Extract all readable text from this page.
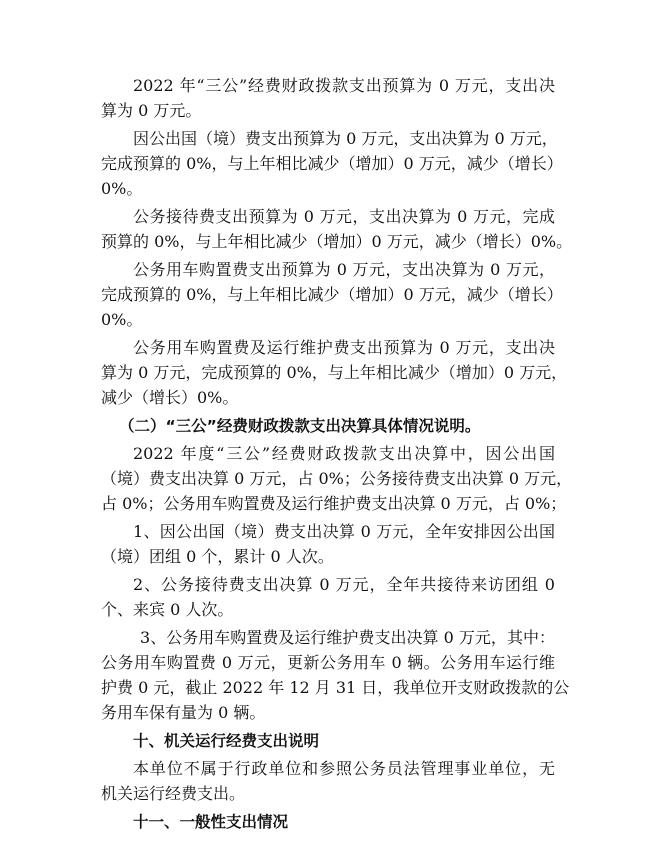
2022 年“三公”经费财政拨款支出预算为 0 万元，支出决
算为 0 万元。
因公出国（境）费支出预算为 0 万元，支出决算为 0 万元，
完成预算的 0%，与上年相比减少（增加）0 万元，减少（增长）
0%。
公务接待费支出预算为 0 万元，支出决算为 0 万元，完成
预算的 0%，与上年相比减少（增加）0 万元，减少（增长）0%。
公务用车购置费支出预算为 0 万元，支出决算为 0 万元，
完成预算的 0%，与上年相比减少（增加）0 万元，减少（增长）
0%。
公务用车购置费及运行维护费支出预算为 0 万元，支出决
算为 0 万元，完成预算的 0%，与上年相比减少（增加）0 万元，
减少（增长）0%。
（二）“三公”经费财政拨款支出决算具体情况说明。
2022 年度“三公”经费财政拨款支出决算中，因公出国
（境）费支出决算 0 万元，占 0%；公务接待费支出决算 0 万元，
占 0%；公务用车购置费及运行维护费支出决算 0 万元，占 0%；
1、因公出国（境）费支出决算 0 万元，全年安排因公出国
（境）团组 0 个，累计 0 人次。
2、公务接待费支出决算 0 万元，全年共接待来访团组 0
个、来宾 0 人次。
3、公务用车购置费及运行维护费支出决算 0 万元，其中：
公务用车购置费 0 万元，更新公务用车 0 辆。公务用车运行维
护费 0 元，截止 2022 年 12 月 31 日，我单位开支财政拨款的公
务用车保有量为 0 辆。
十、机关运行经费支出说明
本单位不属于行政单位和参照公务员法管理事业单位，无
机关运行经费支出。
十一、一般性支出情况
